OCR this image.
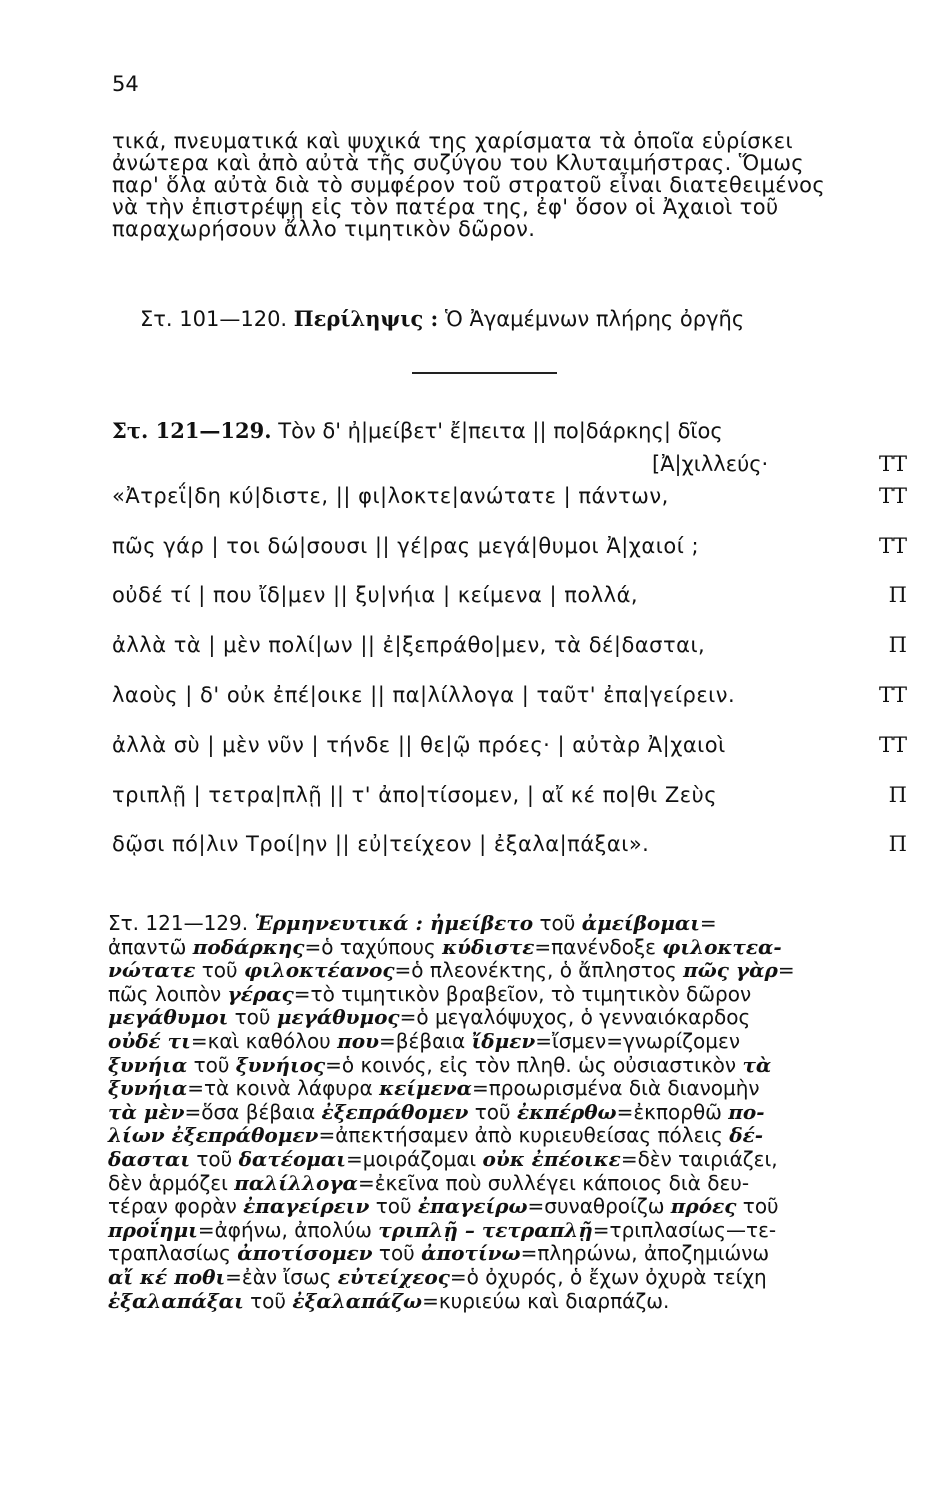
54
τικά, πνευματικά καὶ ψυχικά της χαρίσματα τὰ ὁποῖα εὑρίσκει
ἀνώτερα καὶ ἀπὸ αὐτὰ τῆς συζύγου του Κλυταιμήστρας. Ὅμως
παρ' ὅλα αὐτὰ διὰ τὸ συμφέρον τοῦ στρατοῦ εἶναι διατεθειμένος
νὰ τὴν ἐπιστρέψῃ εἰς τὸν πατέρα της, ἐφ' ὅσον οἱ Ἀχαιοὶ τοῦ
παραχωρήσουν ἄλλο τιμητικὸν δῶρον.
Στ. 101—120. Περίληψις : Ὁ Ἀγαμέμνων πλήρης ὀργῆς
Στ. 121—129. Τὸν δ' ἠ|μείβετ' ἔ|πειτα || πο|δάρκης| δῖος
[Ἀ|χιλλεύς·	ΤΤ
«Ἀτρεΐ|δη κύ|διστε, || φι|λοκτε|ανώτατε | πάντων,	ΤΤ
πῶς γάρ | τοι δώ|σουσι || γέ|ρας μεγά|θυμοι Ἀ|χαιοί ;	ΤΤ
οὐδέ τί | που ἴδ|μεν || ξυ|νήια | κείμενα | πολλά,	Π
ἀλλὰ τὰ | μὲν πολί|ων || ἐ|ξεπράθο|μεν, τὰ δέ|δασται,	Π
λαοὺς | δ' οὐκ ἐπέ|οικε || πα|λίλλογα | ταῦτ' ἐπα|γείρειν.	ΤΤ
ἀλλὰ σὺ | μὲν νῦν | τήνδε || θε|ῷ πρόες· | αὐτὰρ Ἀ|χαιοὶ	ΤΤ
τριπλῇ | τετρα|πλῇ || τ' ἀπο|τίσομεν, | αἴ κέ πο|θι Ζεὺς	Π
δῷσι πό|λιν Τροί|ην || εὐ|τείχεον | ἐξαλα|πάξαι».	Π
Στ. 121—129. Ἑρμηνευτικά : ἠμείβετο τοῦ ἀμείβομαι=
ἀπαντῶ ποδάρκης=ὁ ταχύπους κύδιστε=πανένδοξε φιλοκτεα-
νώτατε τοῦ φιλοκτέανος=ὁ πλεονέκτης, ὁ ἄπληστος πῶς γὰρ=
πῶς λοιπὸν γέρας=τὸ τιμητικὸν βραβεῖον, τὸ τιμητικὸν δῶρον
μεγάθυμοι τοῦ μεγάθυμος=ὁ μεγαλόψυχος, ὁ γενναιόκαρδος
οὐδέ τι=καὶ καθόλου που=βέβαια ἴδμεν=ἴσμεν=γνωρίζομεν
ξυνήια τοῦ ξυνήιος=ὁ κοινός, εἰς τὸν πληθ. ὡς οὐσιαστικὸν τὰ
ξυνήια=τὰ κοινὰ λάφυρα κείμενα=προωρισμένα διὰ διανομὴν
τὰ μὲν=ὅσα βέβαια ἐξεπράθομεν τοῦ ἐκπέρθω=ἐκπορθῶ πο-
λίων ἐξεπράθομεν=ἀπεκτήσαμεν ἀπὸ κυριευθείσας πόλεις δέ-
δασται τοῦ δατέομαι=μοιράζομαι οὐκ ἐπέοικε=δὲν ταιριάζει,
δὲν ἁρμόζει παλίλλογα=ἐκεῖνα ποὺ συλλέγει κάποιος διὰ δευ-
τέραν φορὰν ἐπαγείρειν τοῦ ἐπαγείρω=συναθροίζω πρόες τοῦ
προΐημι=ἀφήνω, ἀπολύω τριπλῇ – τετραπλῇ=τριπλασίως—τε-
τραπλασίως ἀποτίσομεν τοῦ ἀποτίνω=πληρώνω, ἀποζημιώνω
αἴ κέ ποθι=ἐὰν ἴσως εὐτείχεος=ὁ ὀχυρός, ὁ ἔχων ὀχυρὰ τείχη
ἐξαλαπάξαι τοῦ ἐξαλαπάζω=κυριεύω καὶ διαρπάζω.
